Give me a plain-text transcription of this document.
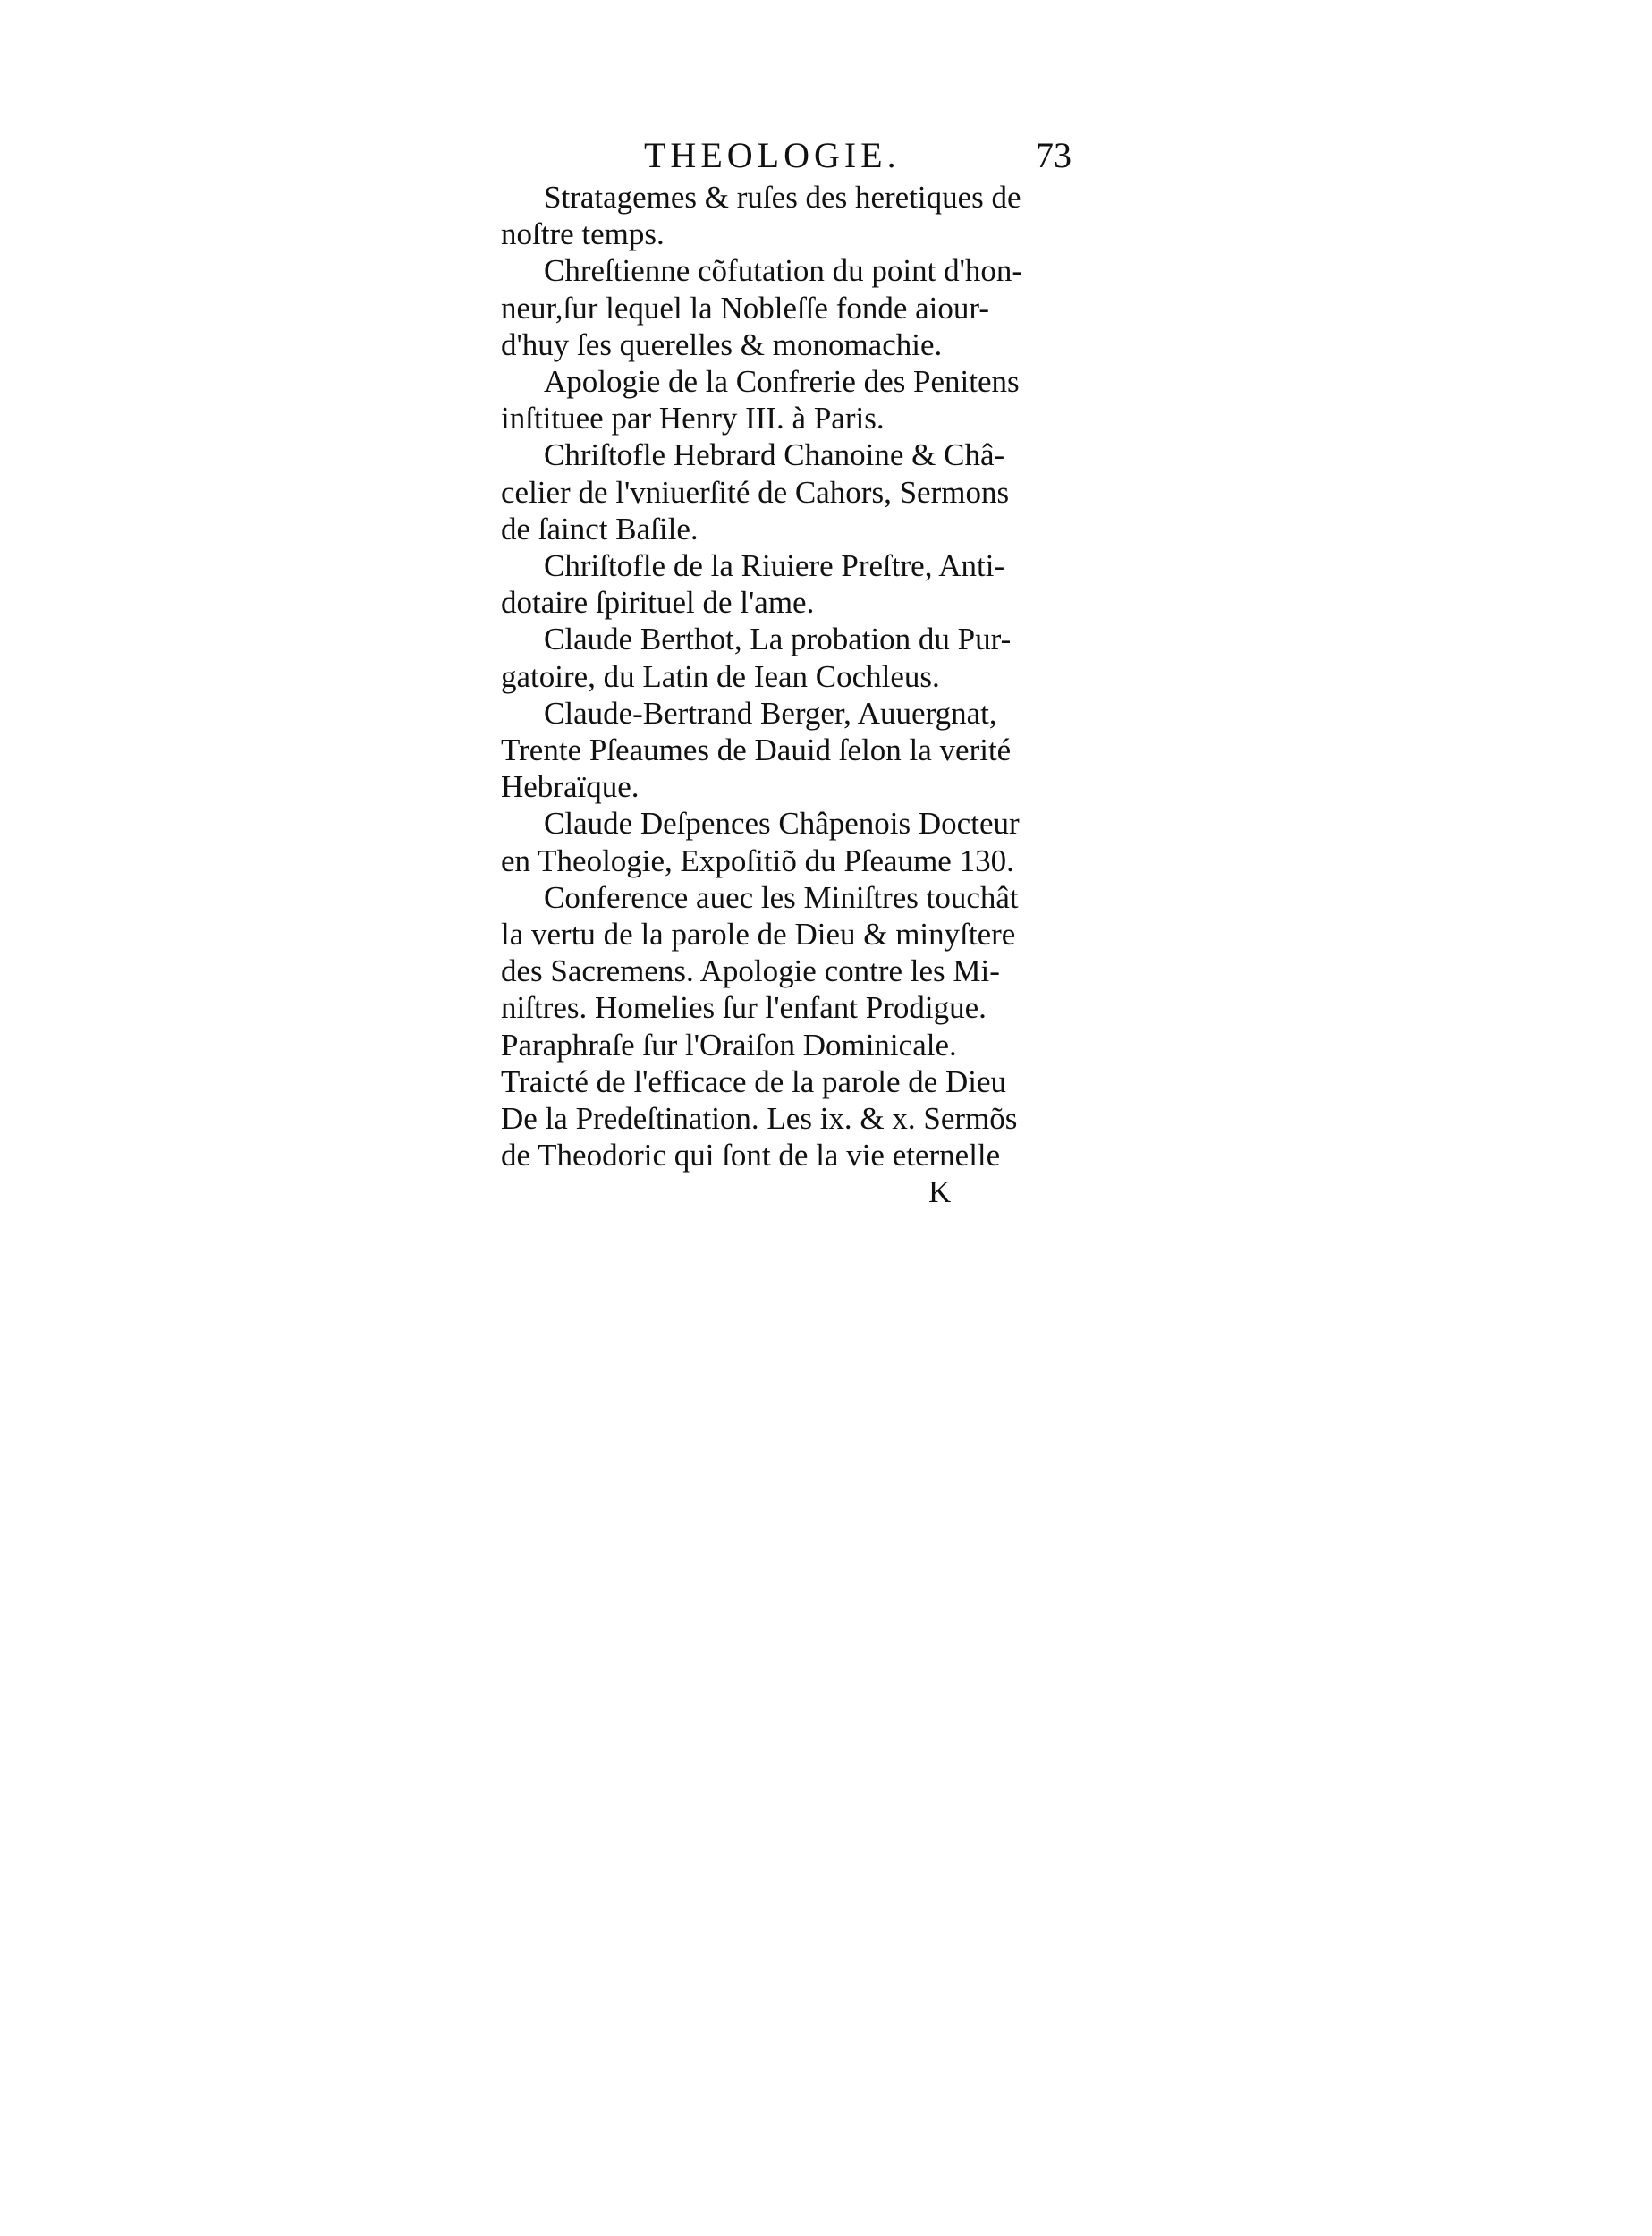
THEOLOGIE.	73
Stratagemes & ruſes des heretiques de
noſtre temps.
Chreſtienne cõfutation du point d'hon-
neur,ſur lequel la Nobleſſe fonde aiour-
d'huy ſes querelles & monomachie.
Apologie de la Confrerie des Penitens
inſtituee par Henry III. à Paris.
Chriſtofle Hebrard Chanoine & Châ-
celier de l'vniuerſité de Cahors, Sermons
de ſainct Baſile.
Chriſtofle de la Riuiere Preſtre, Anti-
dotaire ſpirituel de l'ame.
Claude Berthot, La probation du Pur-
gatoire, du Latin de Iean Cochleus.
Claude-Bertrand Berger, Auuergnat,
Trente Pſeaumes de Dauid ſelon la verité
Hebraïque.
Claude Deſpences Châpenois Docteur
en Theologie, Expoſitiõ du Pſeaume 130.
Conference auec les Miniſtres touchât
la vertu de la parole de Dieu & minyſtere
des Sacremens. Apologie contre les Mi-
niſtres. Homelies ſur l'enfant Prodigue.
Paraphraſe ſur l'Oraiſon Dominicale.
Traicté de l'efficace de la parole de Dieu
De la Predeſtination. Les ix. & x. Sermõs
de Theodoric qui ſont de la vie eternelle
K
